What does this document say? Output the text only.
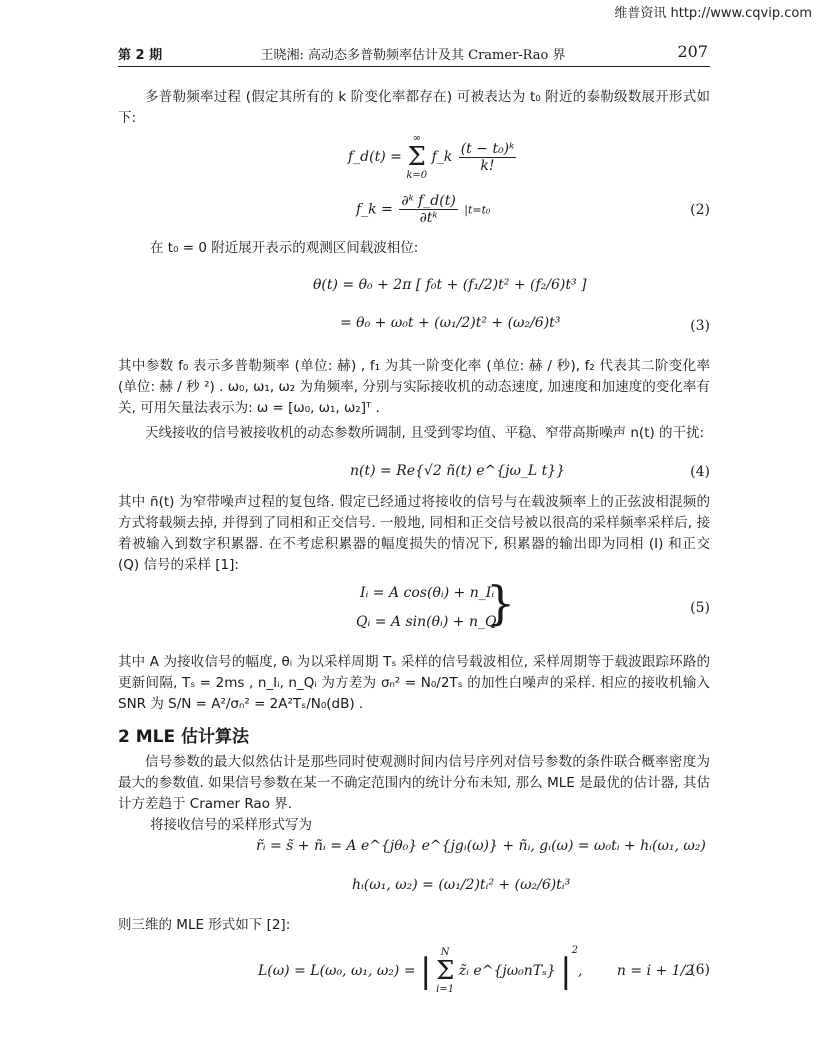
维普资讯 http://www.cqvip.com
第 2 期	王晓湘: 高动态多普勒频率估计及其 Cramer-Rao 界	207
多普勒频率过程 (假定其所有的 k 阶变化率都存在) 可被表达为 t₀ 附近的泰勒级数展开形式如下:
f_d(t) =
∞
Σ
k=0
f_k $\frac{\text{(t − t₀)ᵏ}}{k!}$
f_k = $\frac{\text{∂ᵏ f\_d(t)}}{\text{∂tᵏ}} |t=t_0$	(2)
在 t₀ = 0 附近展开表示的观测区间载波相位:
θ(t) = θ₀ + 2π [ f₀t + (f₁/2)t² + (f₂/6)t³ ]
= θ₀ + ω₀t + (ω₁/2)t² + (ω₂/6)t³	(3)
其中参数 f₀ 表示多普勒频率 (单位: 赫) , f₁ 为其一阶变化率 (单位: 赫 / 秒), f₂ 代表其二阶变化率 (单位: 赫 / 秒 ²) . ω₀, ω₁, ω₂ 为角频率, 分别与实际接收机的动态速度, 加速度和加速度的变化率有关, 可用矢量法表示为: ω = [ω₀, ω₁, ω₂]ᵀ .
天线接收的信号被接收机的动态参数所调制, 且受到零均值、平稳、窄带高斯噪声 n(t) 的干扰:
n(t) = Re{√2 ñ(t) e^{jω_L t}}	(4)
其中 ñ(t) 为窄带噪声过程的复包络. 假定已经通过将接收的信号与在载波频率上的正弦波相混频的方式将载频去掉, 并得到了同相和正交信号. 一般地, 同相和正交信号被以很高的采样频率采样后, 接着被输入到数字积累器. 在不考虑积累器的幅度损失的情况下, 积累器的输出即为同相 (I) 和正交 (Q) 信号的采样 [1]:
Iᵢ = A cos(θᵢ) + n_Iᵢ
Qᵢ = A sin(θᵢ) + n_Qᵢ
}	(5)
其中 A 为接收信号的幅度, θᵢ 为以采样周期 Tₛ 采样的信号载波相位, 采样周期等于载波跟踪环路的更新间隔, Tₛ = 2ms , n_Iᵢ, n_Qᵢ 为方差为 σₙ² = N₀/2Tₛ 的加性白噪声的采样. 相应的接收机输入 SNR 为 S/N = A²/σₙ² = 2A²Tₛ/N₀(dB) .
2 MLE 估计算法
信号参数的最大似然估计是那些同时使观测时间内信号序列对信号参数的条件联合概率密度为最大的参数值. 如果信号参数在某一不确定范围内的统计分布未知, 那么 MLE 是最优的估计器, 其估计方差趋于 Cramer Rao 界.
将接收信号的采样形式写为
r̃ᵢ = s̃ + ñᵢ = A e^{jθ₀} e^{jgᵢ(ω)} + ñᵢ, gᵢ(ω) = ω₀tᵢ + hᵢ(ω₁, ω₂)
hᵢ(ω₁, ω₂) = (ω₁/2)tᵢ² + (ω₂/6)tᵢ³
则三维的 MLE 形式如下 [2]:
L(ω) = L(ω₀, ω₁, ω₂) = | N
Σ
i=1
z̃ᵢ e^{jω₀nTₛ} $|^2$, n = i + 1/2
(6)
